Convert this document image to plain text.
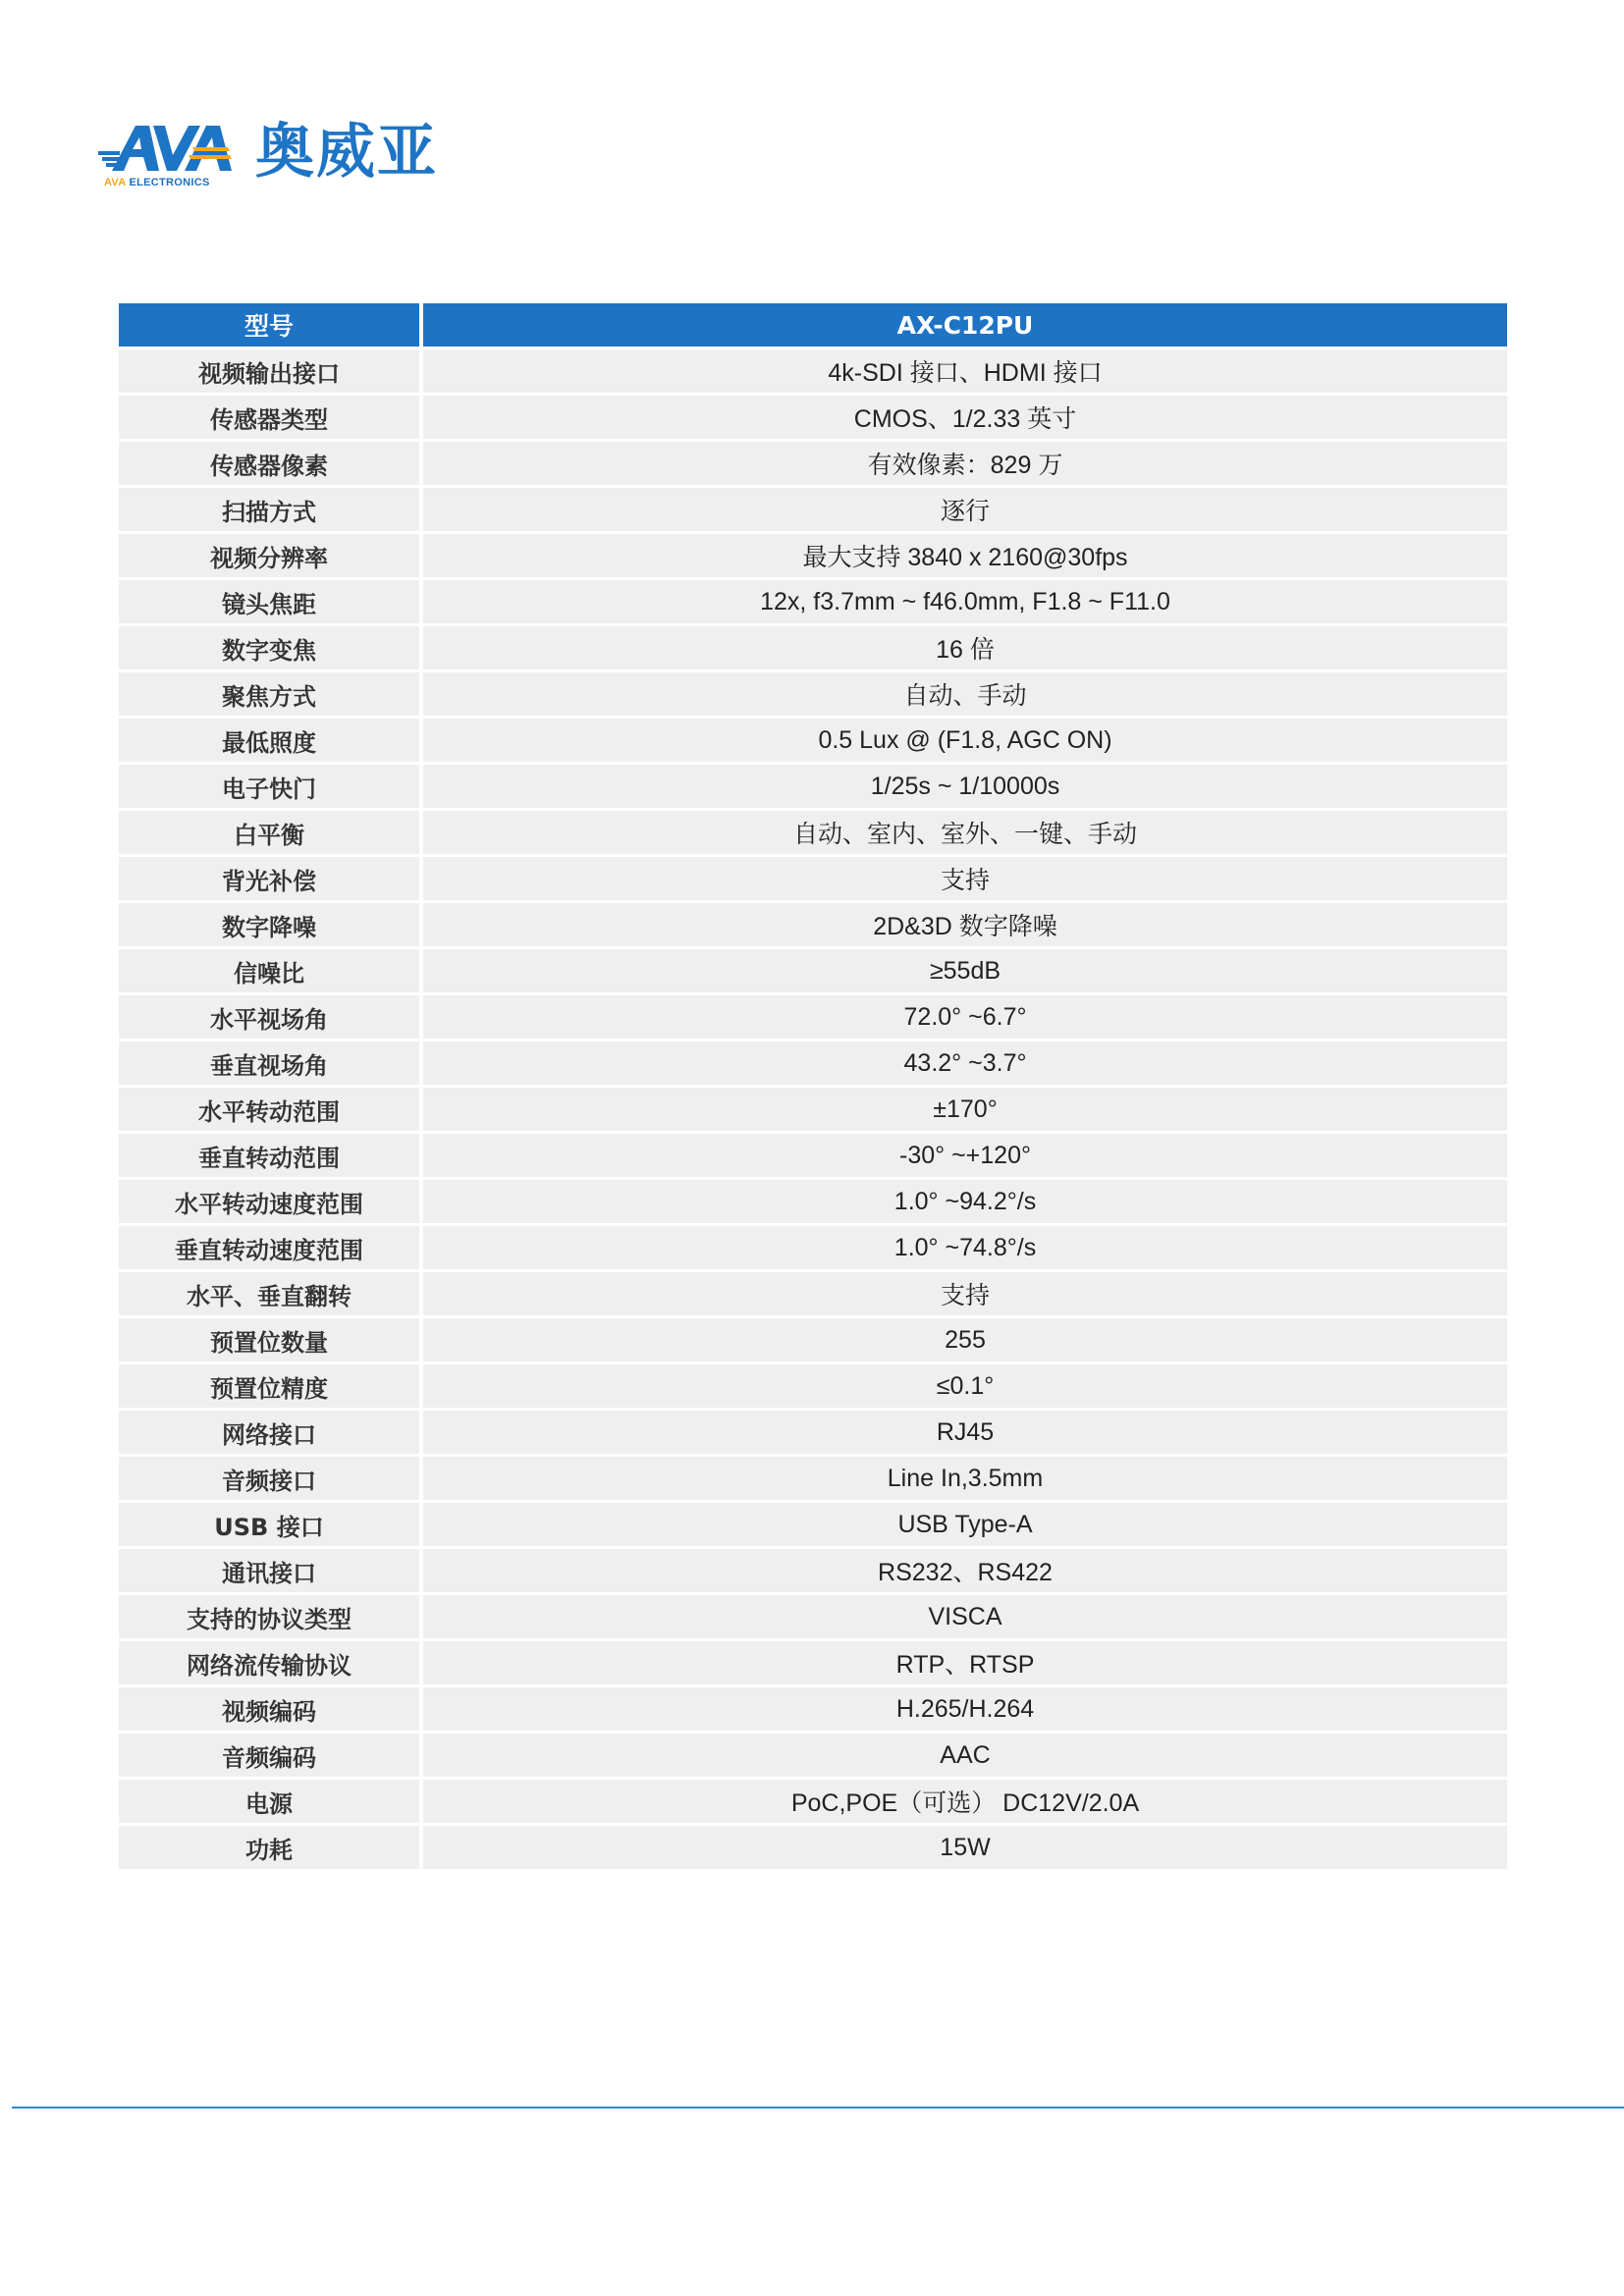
AVA ELECTRONICS 奥威亚
型号	AX-C12PU
视频输出接口	4k-SDI 接口、HDMI 接口
传感器类型	CMOS、1/2.33 英寸
传感器像素	有效像素：829 万
扫描方式	逐行
视频分辨率	最大支持 3840 x 2160@30fps
镜头焦距	12x, f3.7mm ~ f46.0mm, F1.8 ~ F11.0
数字变焦	16 倍
聚焦方式	自动、手动
最低照度	0.5 Lux @ (F1.8, AGC ON)
电子快门	1/25s ~ 1/10000s
白平衡	自动、室内、室外、一键、手动
背光补偿	支持
数字降噪	2D&3D 数字降噪
信噪比	≥55dB
水平视场角	72.0° ~6.7°
垂直视场角	43.2° ~3.7°
水平转动范围	±170°
垂直转动范围	-30° ~+120°
水平转动速度范围	1.0° ~94.2°/s
垂直转动速度范围	1.0° ~74.8°/s
水平、垂直翻转	支持
预置位数量	255
预置位精度	≤0.1°
网络接口	RJ45
音频接口	Line In,3.5mm
USB 接口	USB Type-A
通讯接口	RS232、RS422
支持的协议类型	VISCA
网络流传输协议	RTP、RTSP
视频编码	H.265/H.264
音频编码	AAC
电源	PoC,POE（可选） DC12V/2.0A
功耗	15W
